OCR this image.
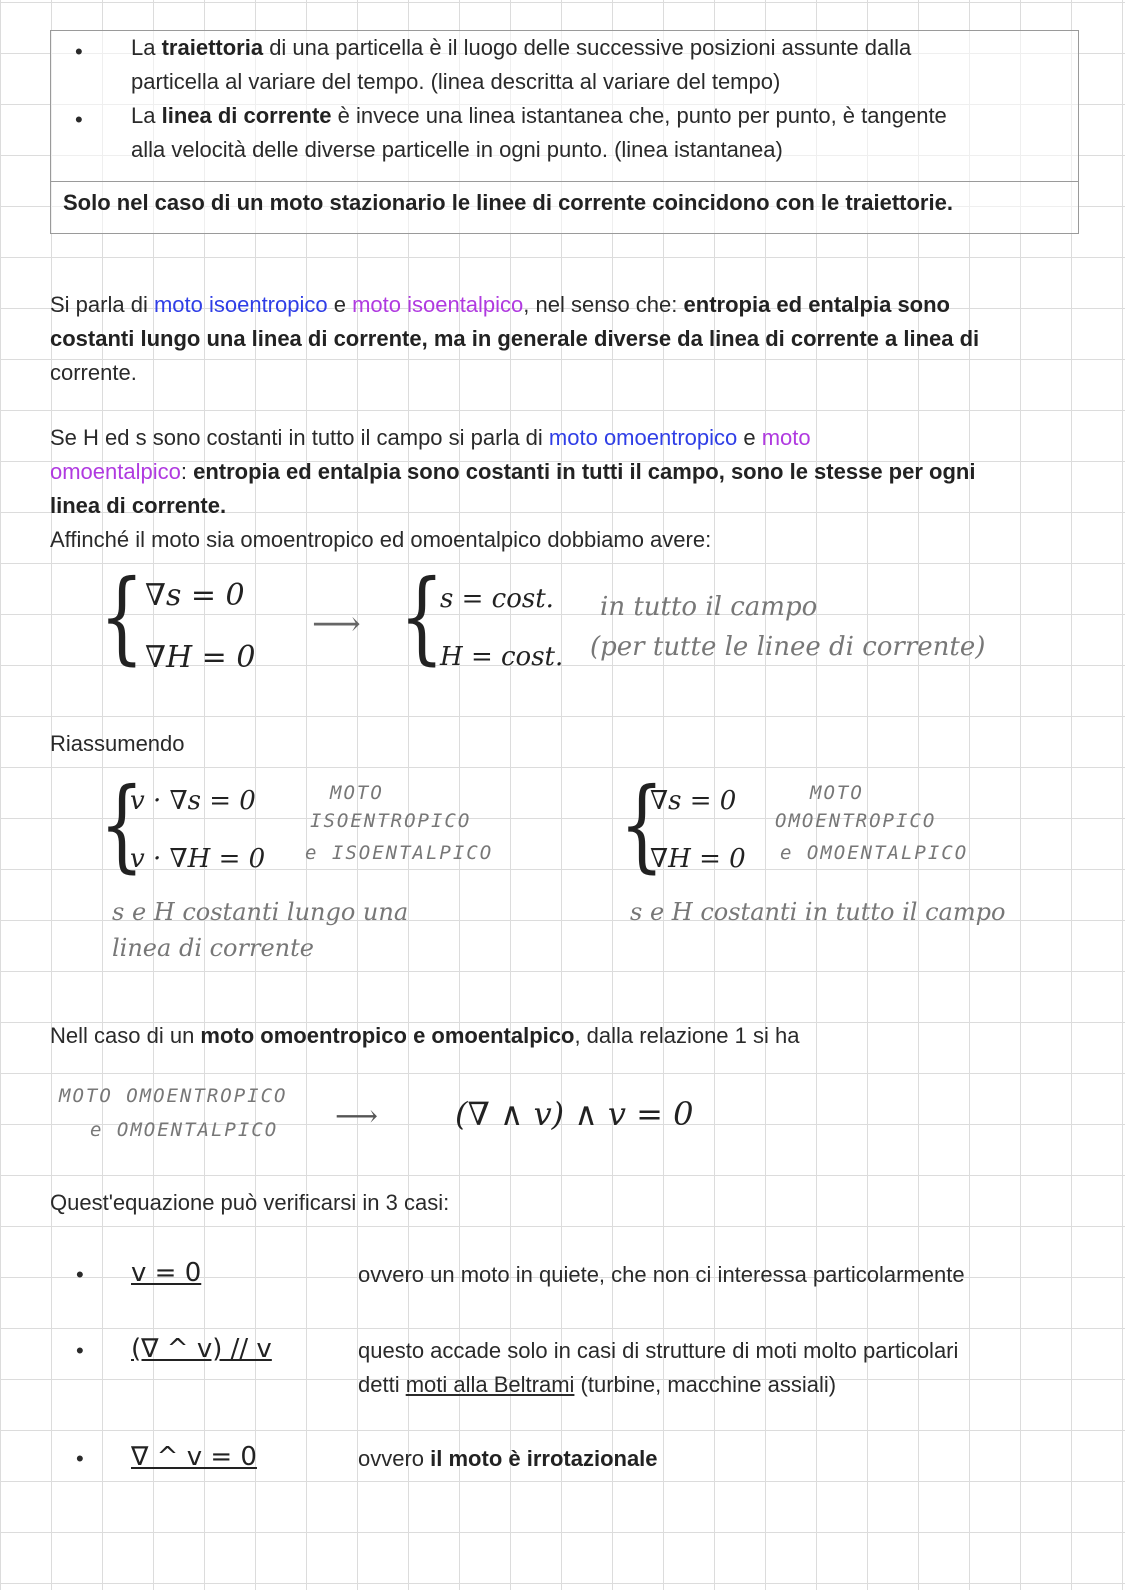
• La traiettoria di una particella è il luogo delle successive posizioni assunte dalla
particella al variare del tempo. (linea descritta al variare del tempo)
• La linea di corrente è invece una linea istantanea che, punto per punto, è tangente
alla velocità delle diverse particelle in ogni punto. (linea istantanea)
Solo nel caso di un moto stazionario le linee di corrente coincidono con le traiettorie.
Si parla di moto isoentropico e moto isoentalpico, nel senso che: entropia ed entalpia sono
costanti lungo una linea di corrente, ma in generale diverse da linea di corrente a linea di
corrente.
Se H ed s sono costanti in tutto il campo si parla di moto omoentropico e moto
omoentalpico: entropia ed entalpia sono costanti in tutti il campo, sono le stesse per ogni
linea di corrente.
Affinché il moto sia omoentropico ed omoentalpico dobbiamo avere:
{ ∇s = 0
∇H = 0
⟶ {
s = cost.
H = cost.
in tutto il campo
(per tutte le linee di corrente)
Riassumendo
{
v · ∇s = 0
v · ∇H = 0
MOTO
ISOENTROPICO
e ISOENTALPICO
s e H costanti lungo una
linea di corrente
{
∇s = 0
∇H = 0
MOTO
OMOENTROPICO
e OMOENTALPICO
s e H costanti in tutto il campo
Nell caso di un moto omoentropico e omoentalpico, dalla relazione 1 si ha
MOTO OMOENTROPICO
e OMOENTALPICO ⟶ (∇ ∧ v) ∧ v = 0
Quest'equazione può verificarsi in 3 casi:
• v = 0	ovvero un moto in quiete, che non ci interessa particolarmente
• (∇ ^ v) // v	questo accade solo in casi di strutture di moti molto particolari
detti moti alla Beltrami (turbine, macchine assiali)
• ∇ ^ v = 0	ovvero il moto è irrotazionale
